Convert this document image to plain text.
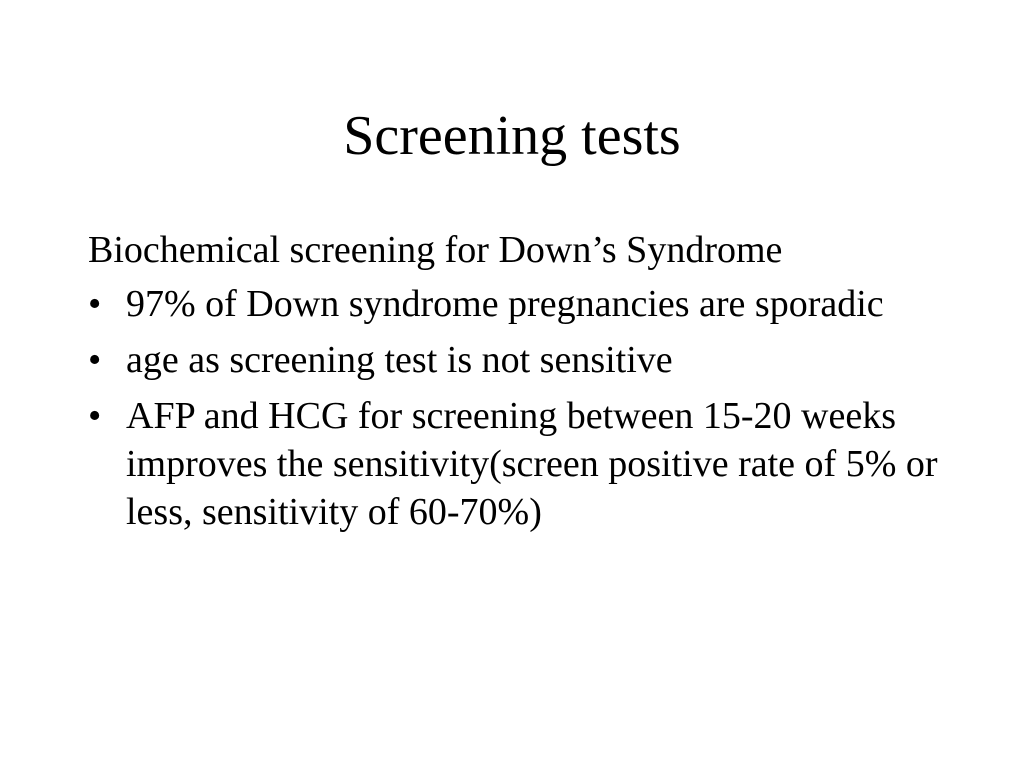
Screening tests

Biochemical screening for Down’s Syndrome

• 97% of Down syndrome pregnancies are sporadic
• age as screening test is not sensitive
• AFP and HCG for screening between 15-20 weeks improves the sensitivity(screen positive rate of 5% or less, sensitivity of 60-70%)
